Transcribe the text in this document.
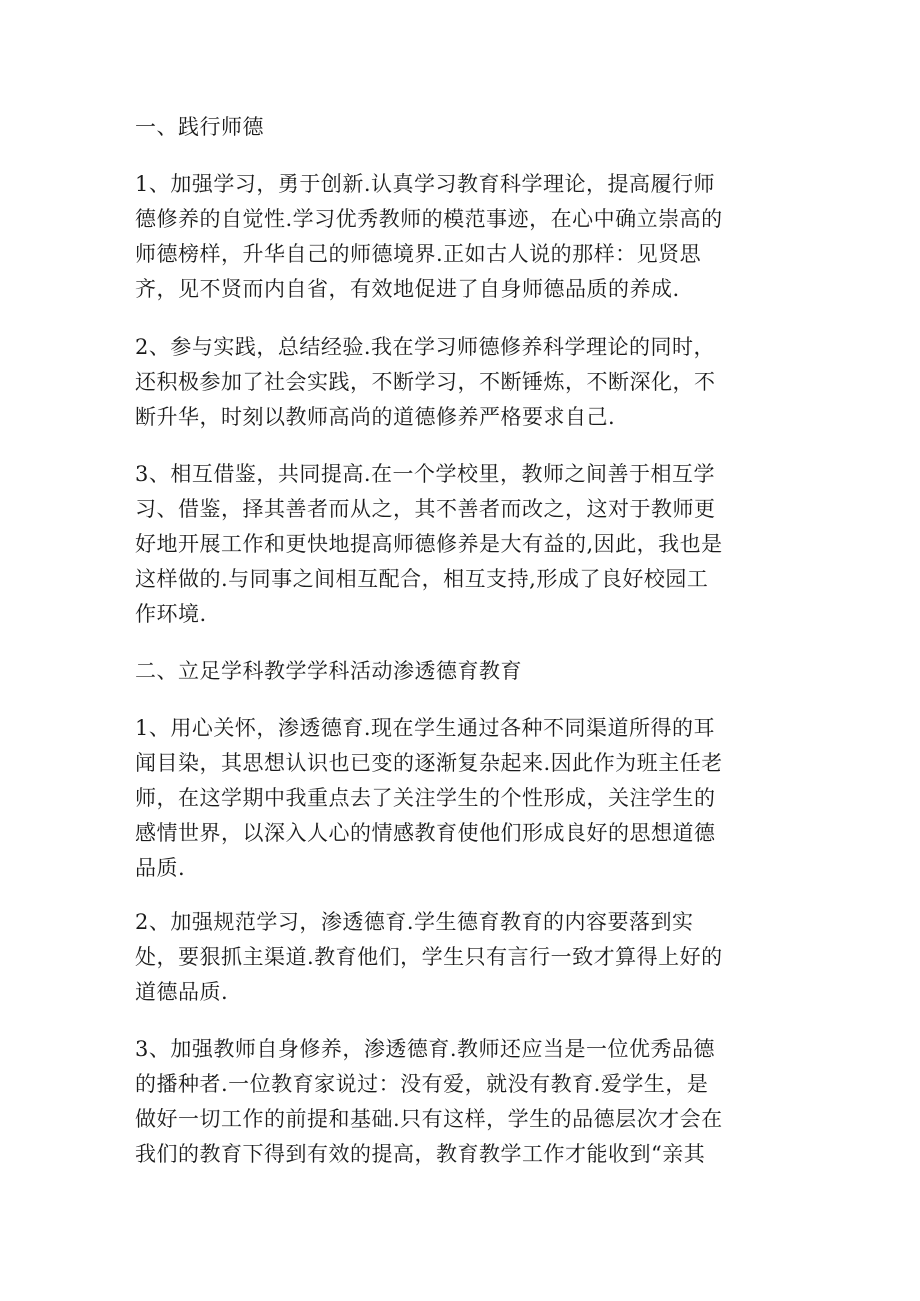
一、践行师德
1、加强学习，勇于创新.认真学习教育科学理论，提高履行师
德修养的自觉性.学习优秀教师的模范事迹，在心中确立崇高的
师德榜样，升华自己的师德境界.正如古人说的那样：见贤思
齐，见不贤而内自省，有效地促进了自身师德品质的养成.
2、参与实践，总结经验.我在学习师德修养科学理论的同时，
还积极参加了社会实践，不断学习，不断锤炼，不断深化，不
断升华，时刻以教师高尚的道德修养严格要求自己.
3、相互借鉴，共同提高.在一个学校里，教师之间善于相互学
习、借鉴，择其善者而从之，其不善者而改之，这对于教师更
好地开展工作和更快地提高师德修养是大有益的,因此，我也是
这样做的.与同事之间相互配合，相互支持,形成了良好校园工
作环境.
二、立足学科教学学科活动渗透德育教育
1、用心关怀，渗透德育.现在学生通过各种不同渠道所得的耳
闻目染，其思想认识也已变的逐渐复杂起来.因此作为班主任老
师，在这学期中我重点去了关注学生的个性形成，关注学生的
感情世界，以深入人心的情感教育使他们形成良好的思想道德
品质.
2、加强规范学习，渗透德育.学生德育教育的内容要落到实
处，要狠抓主渠道.教育他们，学生只有言行一致才算得上好的
道德品质.
3、加强教师自身修养，渗透德育.教师还应当是一位优秀品德
的播种者.一位教育家说过：没有爱，就没有教育.爱学生，是
做好一切工作的前提和基础.只有这样，学生的品德层次才会在
我们的教育下得到有效的提高，教育教学工作才能收到“亲其
